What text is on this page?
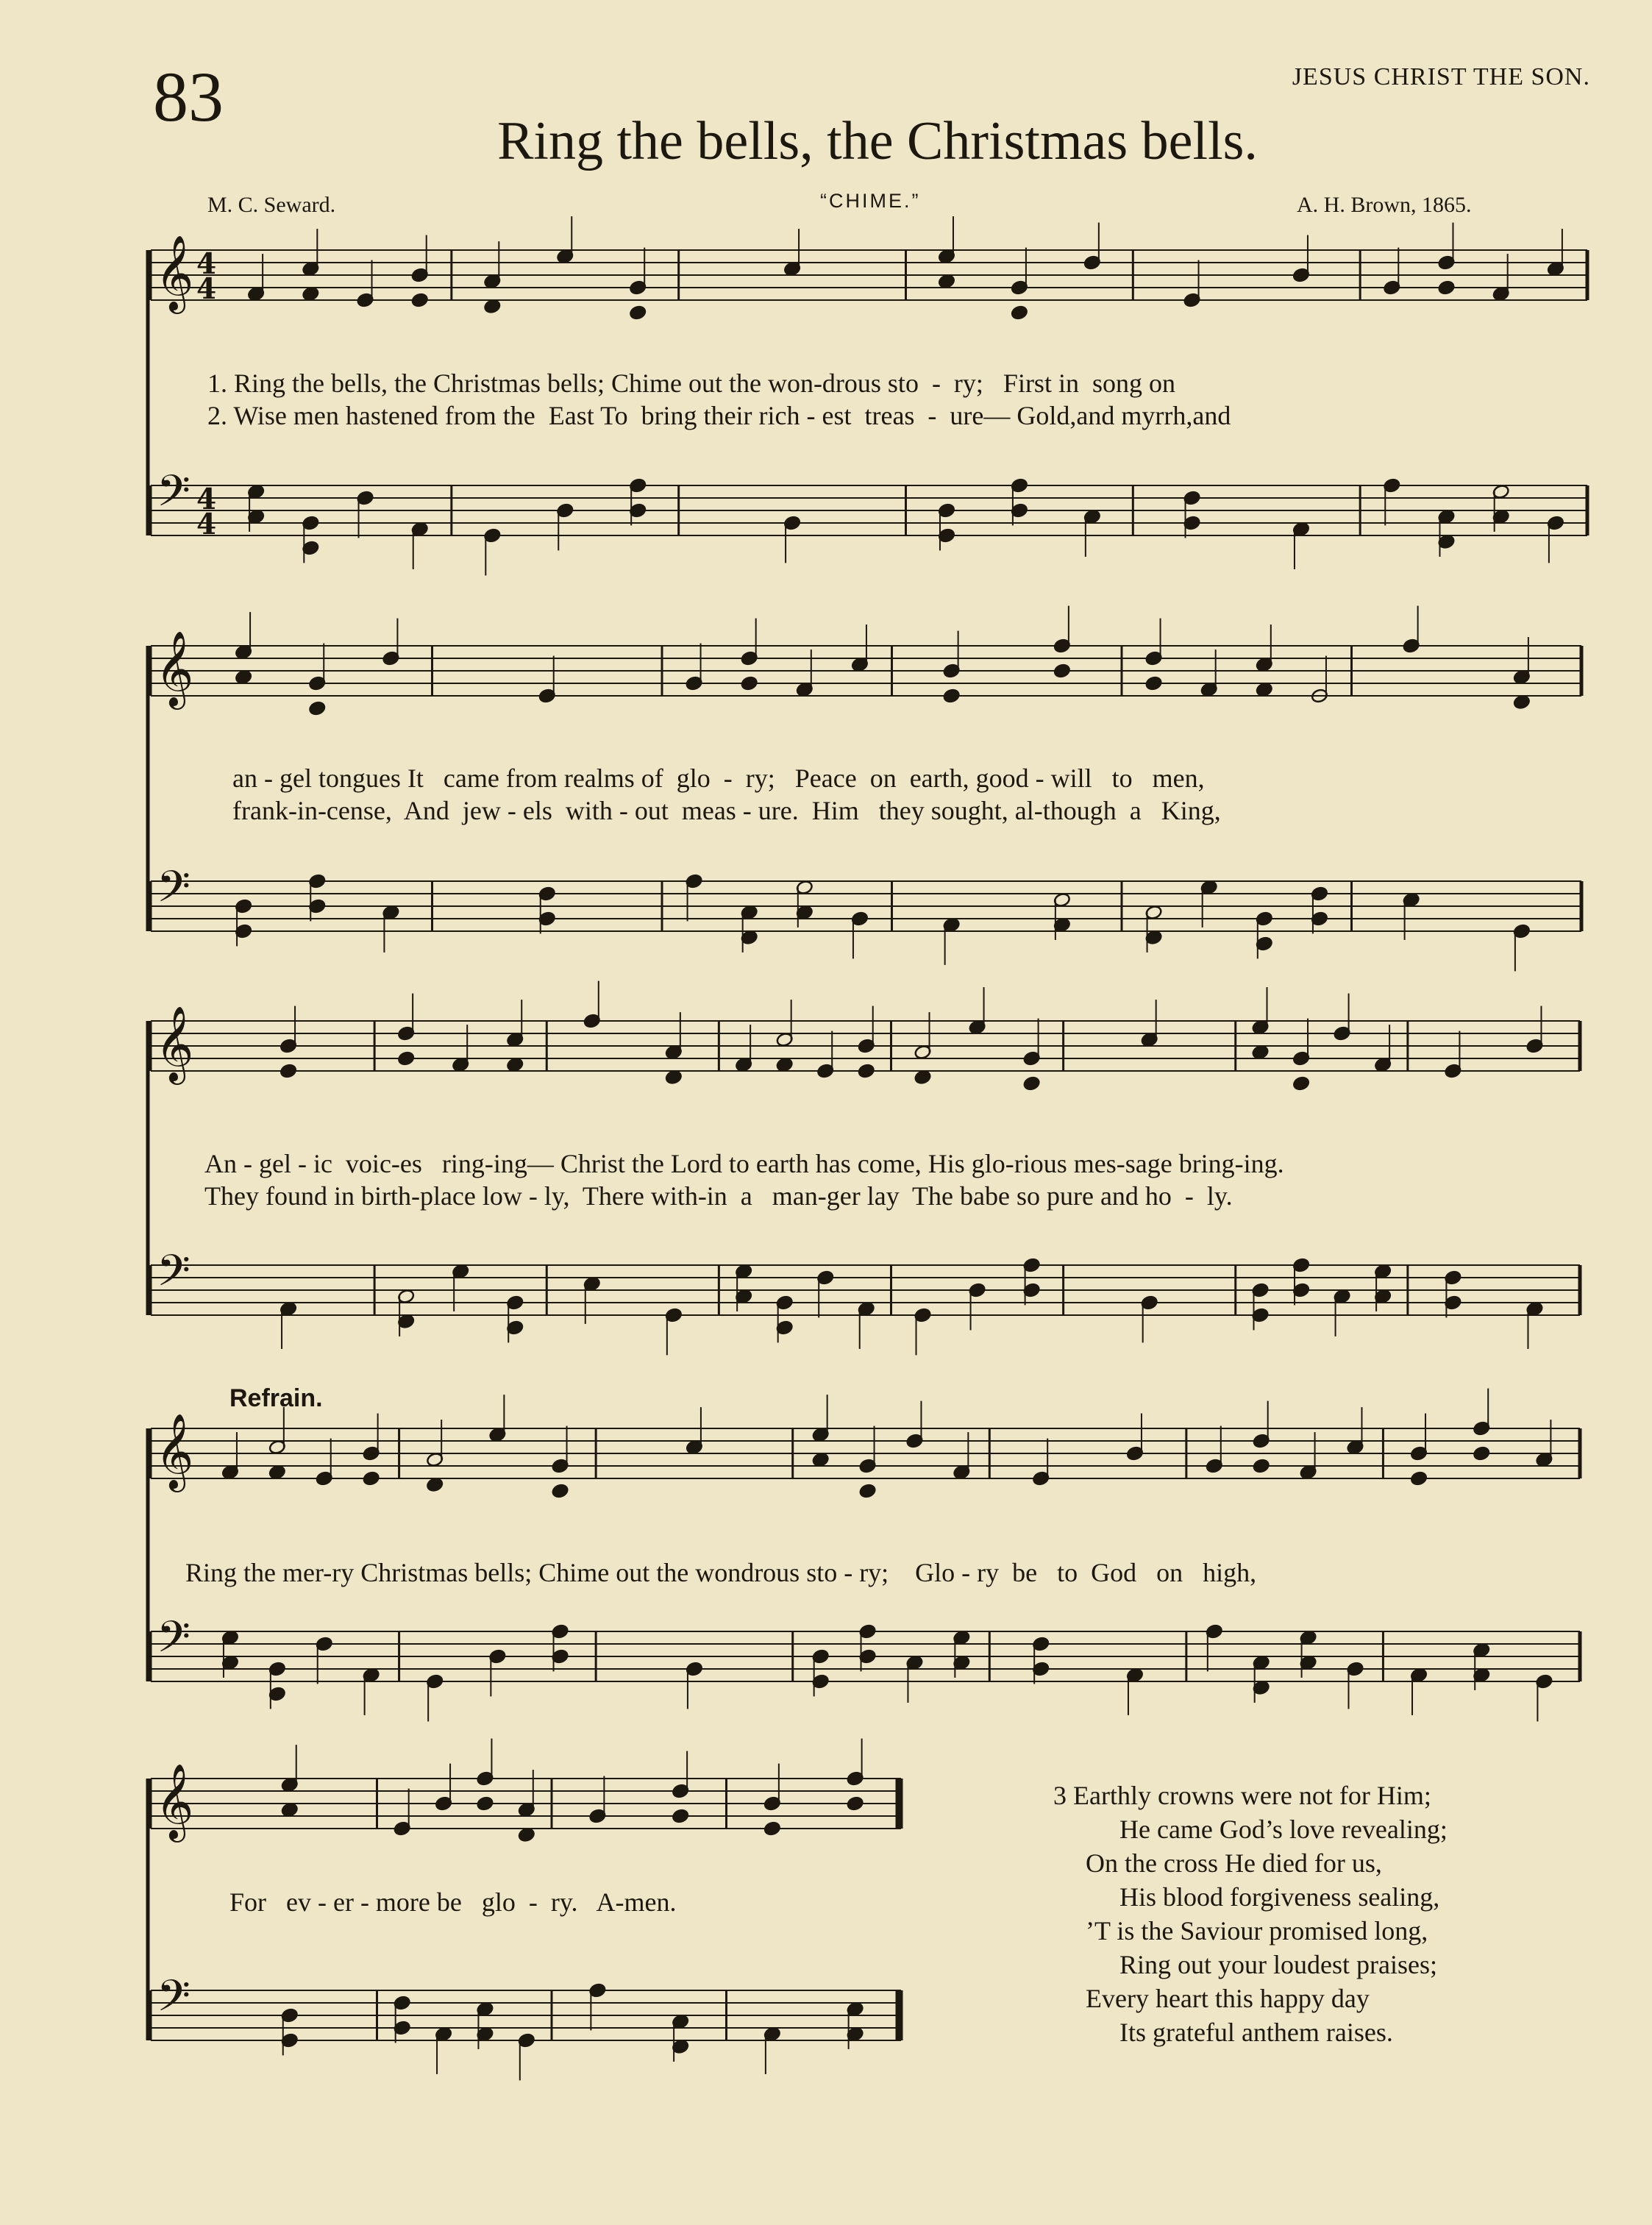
83	JESUS CHRIST THE SON.
Ring the bells, the Christmas bells.
M. C. Seward.	“CHIME.”	A. H. Brown, 1865.
𝄞
𝄢
4
4
4
4
𝄞
𝄢
𝄞
𝄢
𝄞
𝄢
𝄞
𝄢
1. Ring the bells, the Christmas bells; Chime out the won-drous sto  -  ry;   First in  song on
2. Wise men hastened from the  East To  bring their rich - est  treas  -  ure— Gold,and myrrh,and
an - gel tongues It   came from realms of  glo  -  ry;   Peace  on  earth, good - will   to   men,
frank-in-cense,  And  jew - els  with - out  meas - ure.  Him   they sought, al-though  a   King,
An - gel - ic  voic-es   ring-ing— Christ the Lord to earth has come, His glo-rious mes-sage bring-ing.
They found in birth-place low - ly,  There with-in  a   man-ger lay  The babe so pure and ho  -  ly.
Refrain.
Ring the mer-ry Christmas bells; Chime out the wondrous sto - ry;    Glo - ry  be   to  God   on   high,
For   ev - er - more be   glo  -  ry.   A-men.
3 Earthly crowns were not for Him;
He came God’s love revealing;
On the cross He died for us,
His blood forgiveness sealing,
’T is the Saviour promised long,
Ring out your loudest praises;
Every heart this happy day
Its grateful anthem raises.
